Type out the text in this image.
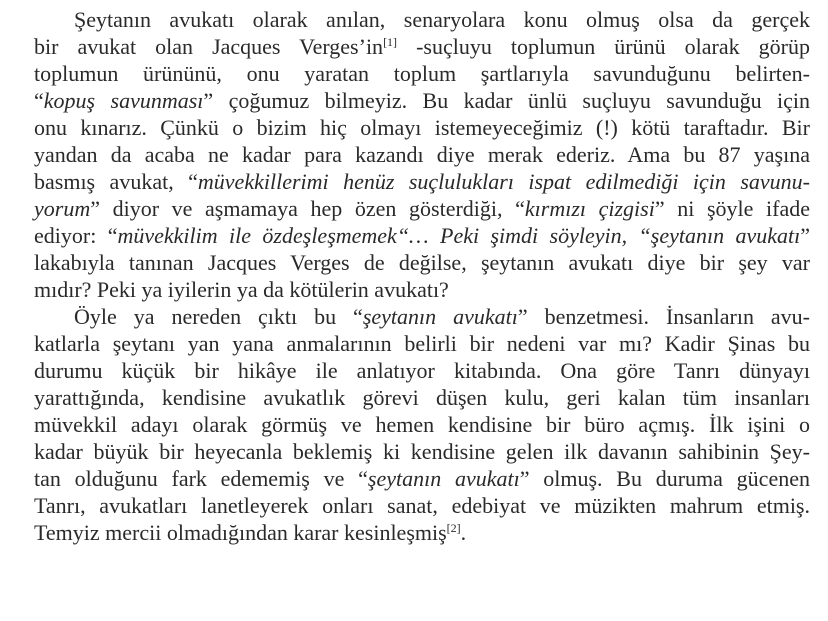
Şeytanın avukatı olarak anılan, senaryolara konu olmuş olsa da gerçek
bir avukat olan Jacques Verges’in[1] -suçluyu toplumun ürünü olarak görüp
toplumun ürününü, onu yaratan toplum şartlarıyla savunduğunu belirten-
“kopuş savunması” çoğumuz bilmeyiz. Bu kadar ünlü suçluyu savunduğu için
onu kınarız. Çünkü o bizim hiç olmayı istemeyeceğimiz (!) kötü taraftadır. Bir
yandan da acaba ne kadar para kazandı diye merak ederiz. Ama bu 87 yaşına
basmış avukat, “müvekkillerimi henüz suçlulukları ispat edilmediği için savunu-
yorum” diyor ve aşmamaya hep özen gösterdiği, “kırmızı çizgisi” ni şöyle ifade
ediyor: “müvekkilim ile özdeşleşmemek“… Peki şimdi söyleyin, “şeytanın avukatı”
lakabıyla tanınan Jacques Verges de değilse, şeytanın avukatı diye bir şey var
mıdır? Peki ya iyilerin ya da kötülerin avukatı?
Öyle ya nereden çıktı bu “şeytanın avukatı” benzetmesi. İnsanların avu-
katlarla şeytanı yan yana anmalarının belirli bir nedeni var mı? Kadir Şinas bu
durumu küçük bir hikâye ile anlatıyor kitabında. Ona göre Tanrı dünyayı
yarattığında, kendisine avukatlık görevi düşen kulu, geri kalan tüm insanları
müvekkil adayı olarak görmüş ve hemen kendisine bir büro açmış. İlk işini o
kadar büyük bir heyecanla beklemiş ki kendisine gelen ilk davanın sahibinin Şey-
tan olduğunu fark edememiş ve “şeytanın avukatı” olmuş. Bu duruma gücenen
Tanrı, avukatları lanetleyerek onları sanat, edebiyat ve müzikten mahrum etmiş.
Temyiz mercii olmadığından karar kesinleşmiş[2].
